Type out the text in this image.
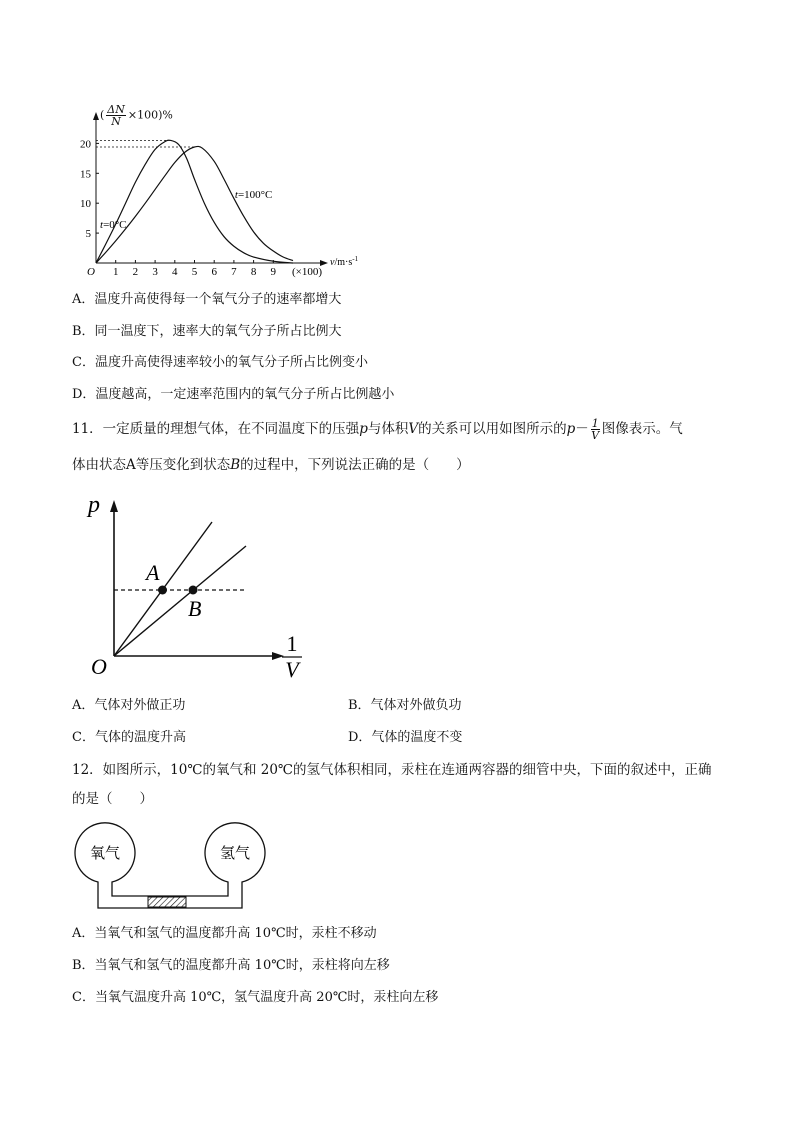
( $\frac{\Delta N}{N} \times 100)\%$
1 2 3 4 5 6 7 8 9
5
10
15
20
O
$v/m\cdot s^{-1}$
(×100)
t=0°C
t=100°C
A．温度升高使得每一个氧气分子的速率都增大
B．同一温度下，速率大的氧气分子所占比例大
C．温度升高使得速率较小的氧气分子所占比例变小
D．温度越高，一定速率范围内的氧气分子所占比例越小
11．一定质量的理想气体，在不同温度下的压强p与体积V的关系可以用如图所示的$p- \frac{1}{V}$ 图像表示。气
体由状态A等压变化到状态B的过程中，下列说法正确的是（　　）
p
A
B
O
1
V
A．气体对外做正功	B．气体对外做负功
C．气体的温度升高	D．气体的温度不变
12．如图所示，10℃的氧气和 20℃的氢气体积相同，汞柱在连通两容器的细管中央，下面的叙述中，正确
的是（　　）
氧气	氢气
A．当氧气和氢气的温度都升高 10℃时，汞柱不移动
B．当氧气和氢气的温度都升高 10℃时，汞柱将向左移
C．当氧气温度升高 10℃，氢气温度升高 20℃时，汞柱向左移
